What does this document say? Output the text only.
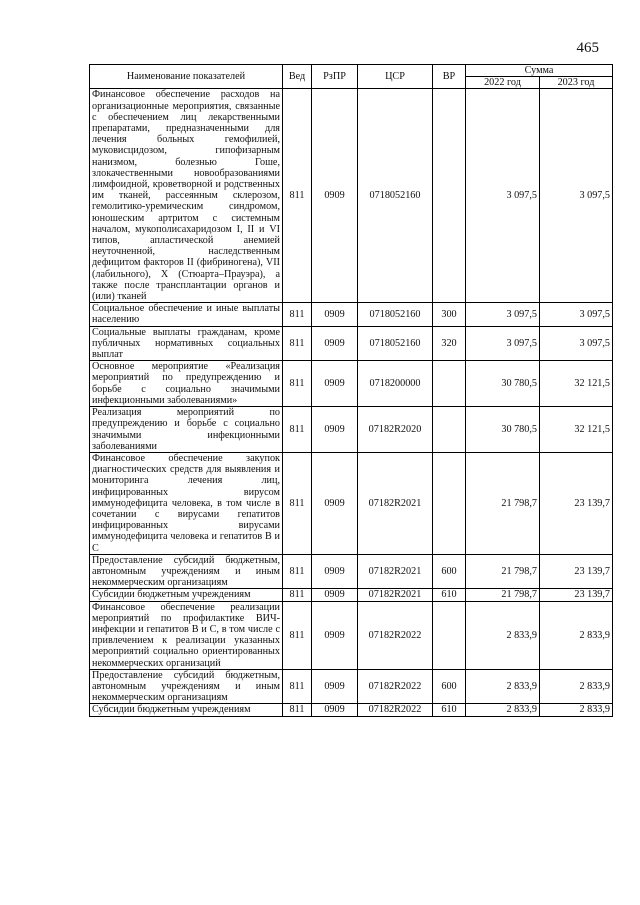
465
Наименование показателей	Вед	РзПР	ЦСР	ВР	Сумма	
					2022 год	2023 год
Финансовое обеспечение расходов на организационные мероприятия, связанные с обеспечением лиц лекарственными препаратами, предназначенными для лечения больных гемофилией, муковисцидозом, гипофизарным нанизмом, болезнью Гоше, злокачественными новообразованиями лимфоидной, кроветворной и родственных им тканей, рассеянным склерозом, гемолитико-уремическим синдромом, юношеским артритом с системным началом, мукополисахаридозом I, II и VI типов, апластической анемией неуточненной, наследственным дефицитом факторов II (фибриногена), VII (лабильного), X (Стюарта–Прауэра), а также после трансплантации органов и (или) тканей	811	0909	0718052160		3 097,5	3 097,5
Социальное обеспечение и иные выплаты населению	811	0909	0718052160	300	3 097,5	3 097,5
Социальные выплаты гражданам, кроме публичных нормативных социальных выплат	811	0909	0718052160	320	3 097,5	3 097,5
Основное мероприятие «Реализация мероприятий по предупреждению и борьбе с социально значимыми инфекционными заболеваниями»	811	0909	0718200000		30 780,5	32 121,5
Реализация мероприятий по предупреждению и борьбе с социально значимыми инфекционными заболеваниями	811	0909	07182R2020		30 780,5	32 121,5
Финансовое обеспечение закупок диагностических средств для выявления и мониторинга лечения лиц, инфицированных вирусом иммунодефицита человека, в том числе в сочетании с вирусами гепатитов инфицированных вирусами иммунодефицита человека и гепатитов В и С	811	0909	07182R2021		21 798,7	23 139,7
Предоставление субсидий бюджетным, автономным учреждениям и иным некоммерческим организациям	811	0909	07182R2021	600	21 798,7	23 139,7
Субсидии бюджетным учреждениям	811	0909	07182R2021	610	21 798,7	23 139,7
Финансовое обеспечение реализации мероприятий по профилактике ВИЧ-инфекции и гепатитов В и С, в том числе с привлечением к реализации указанных мероприятий социально ориентированных некоммерческих организаций	811	0909	07182R2022		2 833,9	2 833,9
Предоставление субсидий бюджетным, автономным учреждениям и иным некоммерческим организациям	811	0909	07182R2022	600	2 833,9	2 833,9
Субсидии бюджетным учреждениям	811	0909	07182R2022	610	2 833,9	2 833,9
